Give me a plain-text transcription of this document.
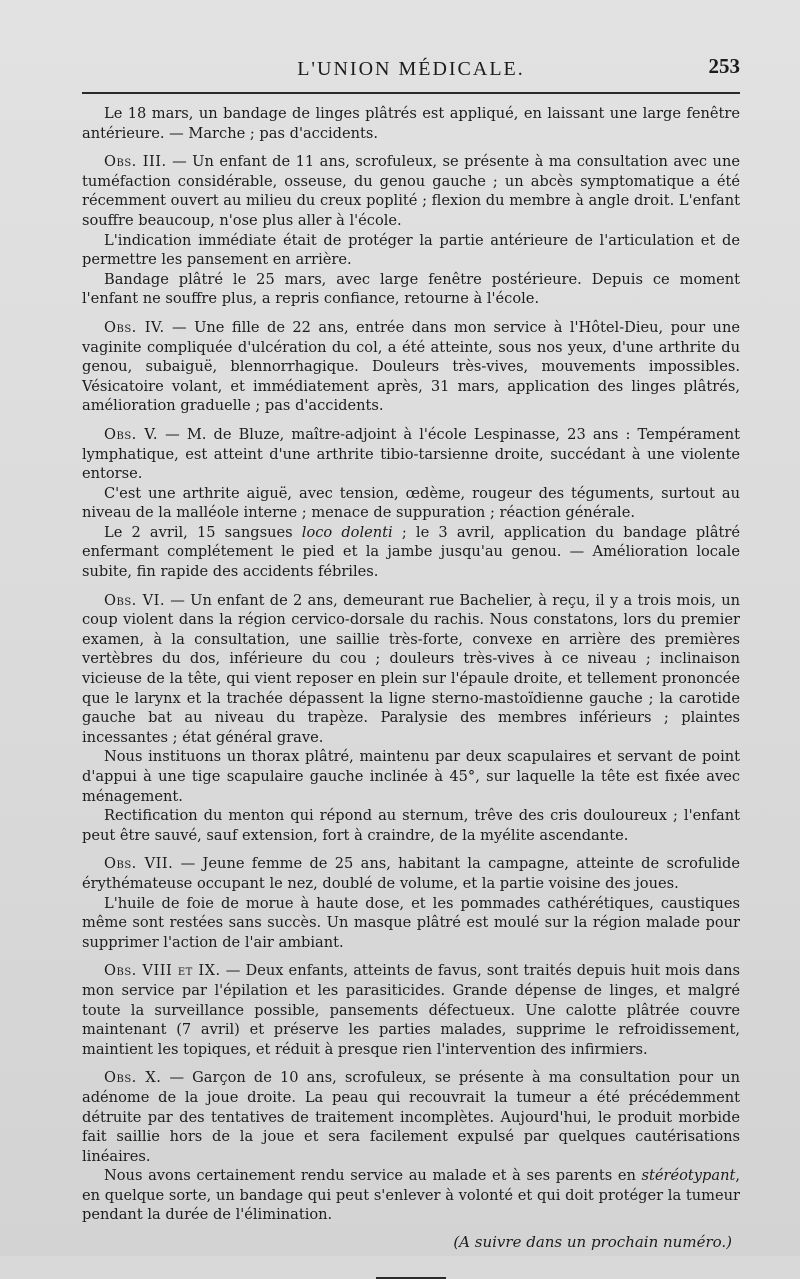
L'UNION MÉDICALE.	253

Le 18 mars, un bandage de linges plâtrés est appliqué, en laissant une large fenêtre antérieure. — Marche ; pas d'accidents.

Obs. III. — Un enfant de 11 ans, scrofuleux, se présente à ma consultation avec une tuméfaction considérable, osseuse, du genou gauche ; un abcès symptomatique a été récemment ouvert au milieu du creux poplité ; flexion du membre à angle droit. L'enfant souffre beaucoup, n'ose plus aller à l'école.

L'indication immédiate était de protéger la partie antérieure de l'articulation et de permettre les pansement en arrière.

Bandage plâtré le 25 mars, avec large fenêtre postérieure. Depuis ce moment l'enfant ne souffre plus, a repris confiance, retourne à l'école.

Obs. IV. — Une fille de 22 ans, entrée dans mon service à l'Hôtel-Dieu, pour une vaginite compliquée d'ulcération du col, a été atteinte, sous nos yeux, d'une arthrite du genou, subaiguë, blennorrhagique. Douleurs très-vives, mouvements impossibles. Vésicatoire volant, et immédiatement après, 31 mars, application des linges plâtrés, amélioration graduelle ; pas d'accidents.

Obs. V. — M. de Bluze, maître-adjoint à l'école Lespinasse, 23 ans : Tempérament lymphatique, est atteint d'une arthrite tibio-tarsienne droite, succédant à une violente entorse.

C'est une arthrite aiguë, avec tension, œdème, rougeur des téguments, surtout au niveau de la malléole interne ; menace de suppuration ; réaction générale.

Le 2 avril, 15 sangsues loco dolenti ; le 3 avril, application du bandage plâtré enfermant complétement le pied et la jambe jusqu'au genou. — Amélioration locale subite, fin rapide des accidents fébriles.

Obs. VI. — Un enfant de 2 ans, demeurant rue Bachelier, à reçu, il y a trois mois, un coup violent dans la région cervico-dorsale du rachis. Nous constatons, lors du premier examen, à la consultation, une saillie très-forte, convexe en arrière des premières vertèbres du dos, inférieure du cou ; douleurs très-vives à ce niveau ; inclinaison vicieuse de la tête, qui vient reposer en plein sur l'épaule droite, et tellement prononcée que le larynx et la trachée dépassent la ligne sterno-mastoïdienne gauche ; la carotide gauche bat au niveau du trapèze. Paralysie des membres inférieurs ; plaintes incessantes ; état général grave.

Nous instituons un thorax plâtré, maintenu par deux scapulaires et servant de point d'appui à une tige scapulaire gauche inclinée à 45°, sur laquelle la tête est fixée avec ménagement.

Rectification du menton qui répond au sternum, trêve des cris douloureux ; l'enfant peut être sauvé, sauf extension, fort à craindre, de la myélite ascendante.

Obs. VII. — Jeune femme de 25 ans, habitant la campagne, atteinte de scrofulide érythémateuse occupant le nez, doublé de volume, et la partie voisine des joues.

L'huile de foie de morue à haute dose, et les pommades cathérétiques, caustiques même sont restées sans succès. Un masque plâtré est moulé sur la région malade pour supprimer l'action de l'air ambiant.

Obs. VIII et IX. — Deux enfants, atteints de favus, sont traités depuis huit mois dans mon service par l'épilation et les parasiticides. Grande dépense de linges, et malgré toute la surveillance possible, pansements défectueux. Une calotte plâtrée couvre maintenant (7 avril) et préserve les parties malades, supprime le refroidissement, maintient les topiques, et réduit à presque rien l'intervention des infirmiers.

Obs. X. — Garçon de 10 ans, scrofuleux, se présente à ma consultation pour un adénome de la joue droite. La peau qui recouvrait la tumeur a été précédemment détruite par des tentatives de traitement incomplètes. Aujourd'hui, le produit morbide fait saillie hors de la joue et sera facilement expulsé par quelques cautérisations linéaires.

Nous avons certainement rendu service au malade et à ses parents en stéréotypant, en quelque sorte, un bandage qui peut s'enlever à volonté et qui doit protéger la tumeur pendant la durée de l'élimination.

(A suivre dans un prochain numéro.)
